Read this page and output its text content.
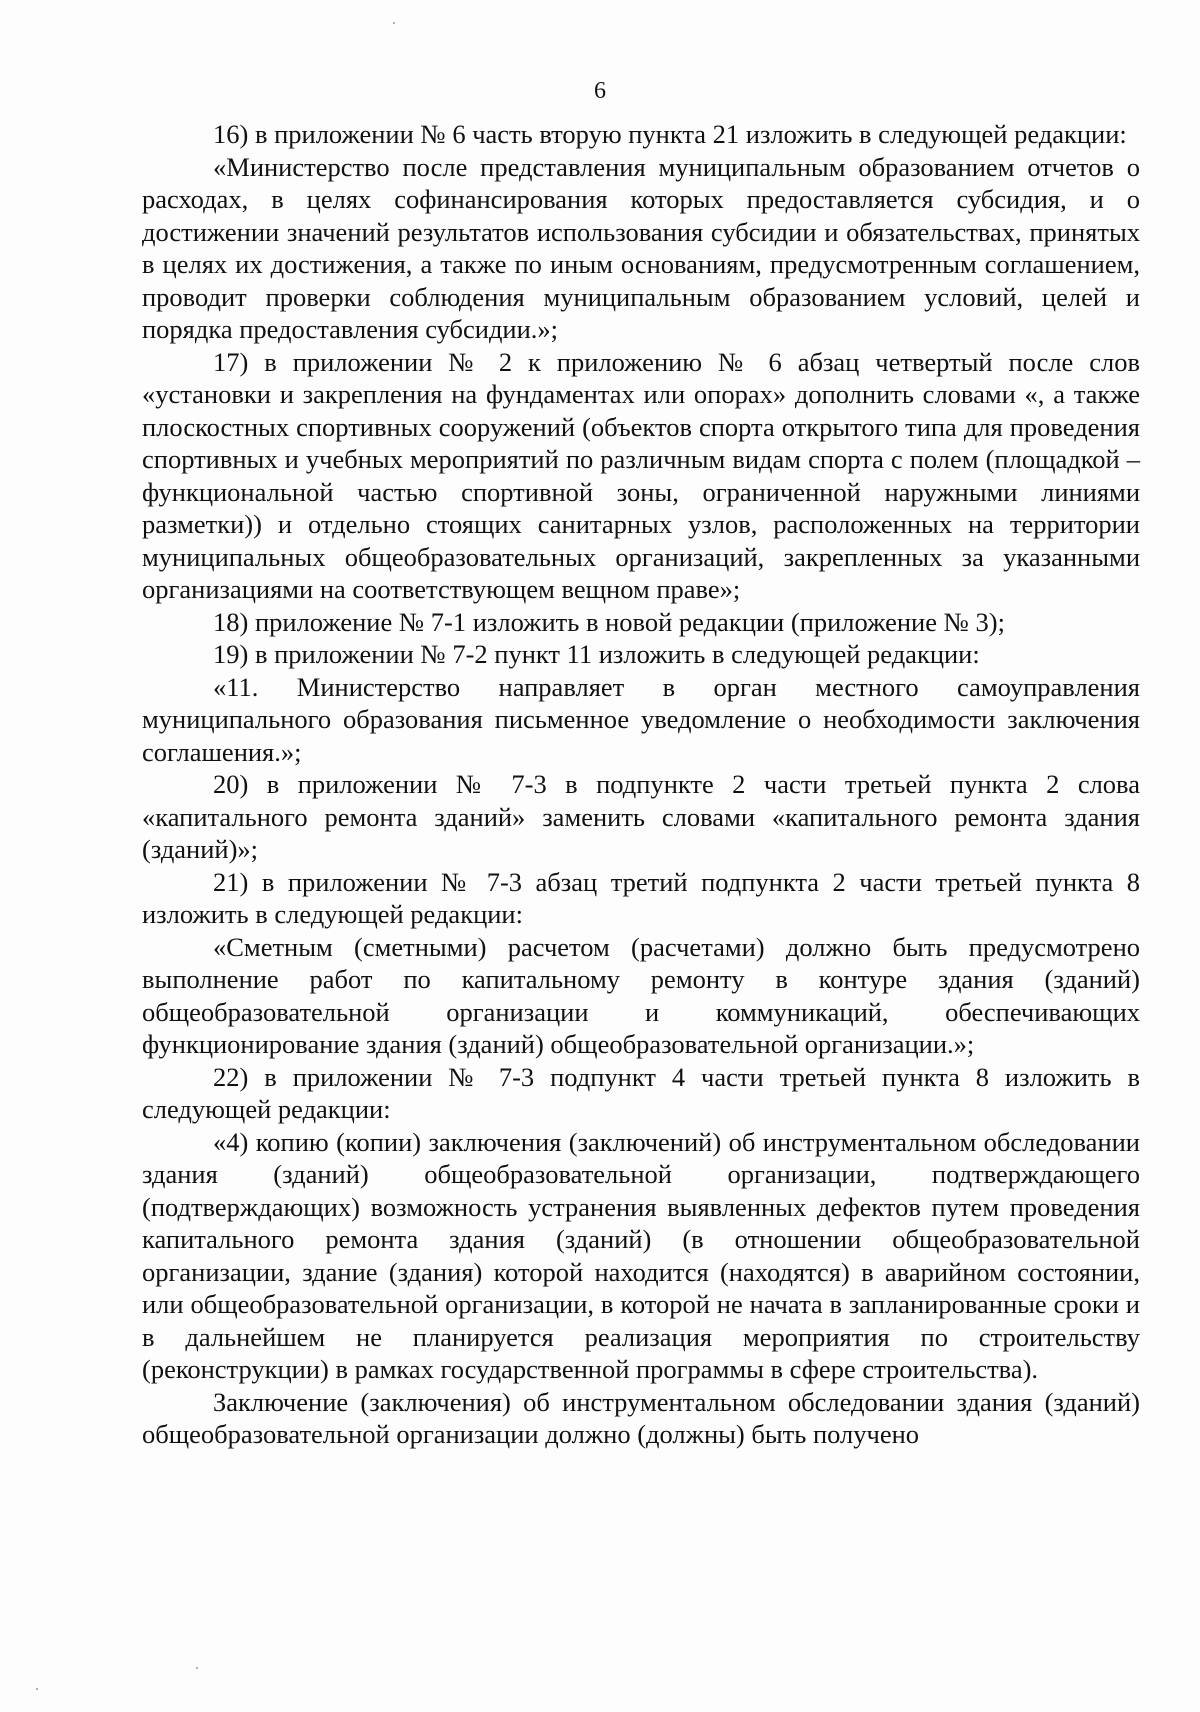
6

16) в приложении № 6 часть вторую пункта 21 изложить в следующей редакции:

«Министерство после представления муниципальным образованием отчетов о расходах, в целях софинансирования которых предоставляется субсидия, и о достижении значений результатов использования субсидии и обязательствах, принятых в целях их достижения, а также по иным основаниям, предусмотренным соглашением, проводит проверки соблюдения муниципальным образованием условий, целей и порядка предоставления субсидии.»;

17) в приложении № 2 к приложению № 6 абзац четвертый после слов «установки и закрепления на фундаментах или опорах» дополнить словами «, а также плоскостных спортивных сооружений (объектов спорта открытого типа для проведения спортивных и учебных мероприятий по различным видам спорта с полем (площадкой – функциональной частью спортивной зоны, ограниченной наружными линиями разметки)) и отдельно стоящих санитарных узлов, расположенных на территории муниципальных общеобразовательных организаций, закрепленных за указанными организациями на соответствующем вещном праве»;

18) приложение № 7-1 изложить в новой редакции (приложение № 3);

19) в приложении № 7-2 пункт 11 изложить в следующей редакции:

«11. Министерство направляет в орган местного самоуправления муниципального образования письменное уведомление о необходимости заключения соглашения.»;

20) в приложении № 7-3 в подпункте 2 части третьей пункта 2 слова «капитального ремонта зданий» заменить словами «капитального ремонта здания (зданий)»;

21) в приложении № 7-3 абзац третий подпункта 2 части третьей пункта 8 изложить в следующей редакции:

«Сметным (сметными) расчетом (расчетами) должно быть предусмотрено выполнение работ по капитальному ремонту в контуре здания (зданий) общеобразовательной организации и коммуникаций, обеспечивающих функционирование здания (зданий) общеобразовательной организации.»;

22) в приложении № 7-3 подпункт 4 части третьей пункта 8 изложить в следующей редакции:

«4) копию (копии) заключения (заключений) об инструментальном обследовании здания (зданий) общеобразовательной организации, подтверждающего (подтверждающих) возможность устранения выявленных дефектов путем проведения капитального ремонта здания (зданий) (в отношении общеобразовательной организации, здание (здания) которой находится (находятся) в аварийном состоянии, или общеобразовательной организации, в которой не начата в запланированные сроки и в дальнейшем не планируется реализация мероприятия по строительству (реконструкции) в рамках государственной программы в сфере строительства).

Заключение (заключения) об инструментальном обследовании здания (зданий) общеобразовательной организации должно (должны) быть получено
